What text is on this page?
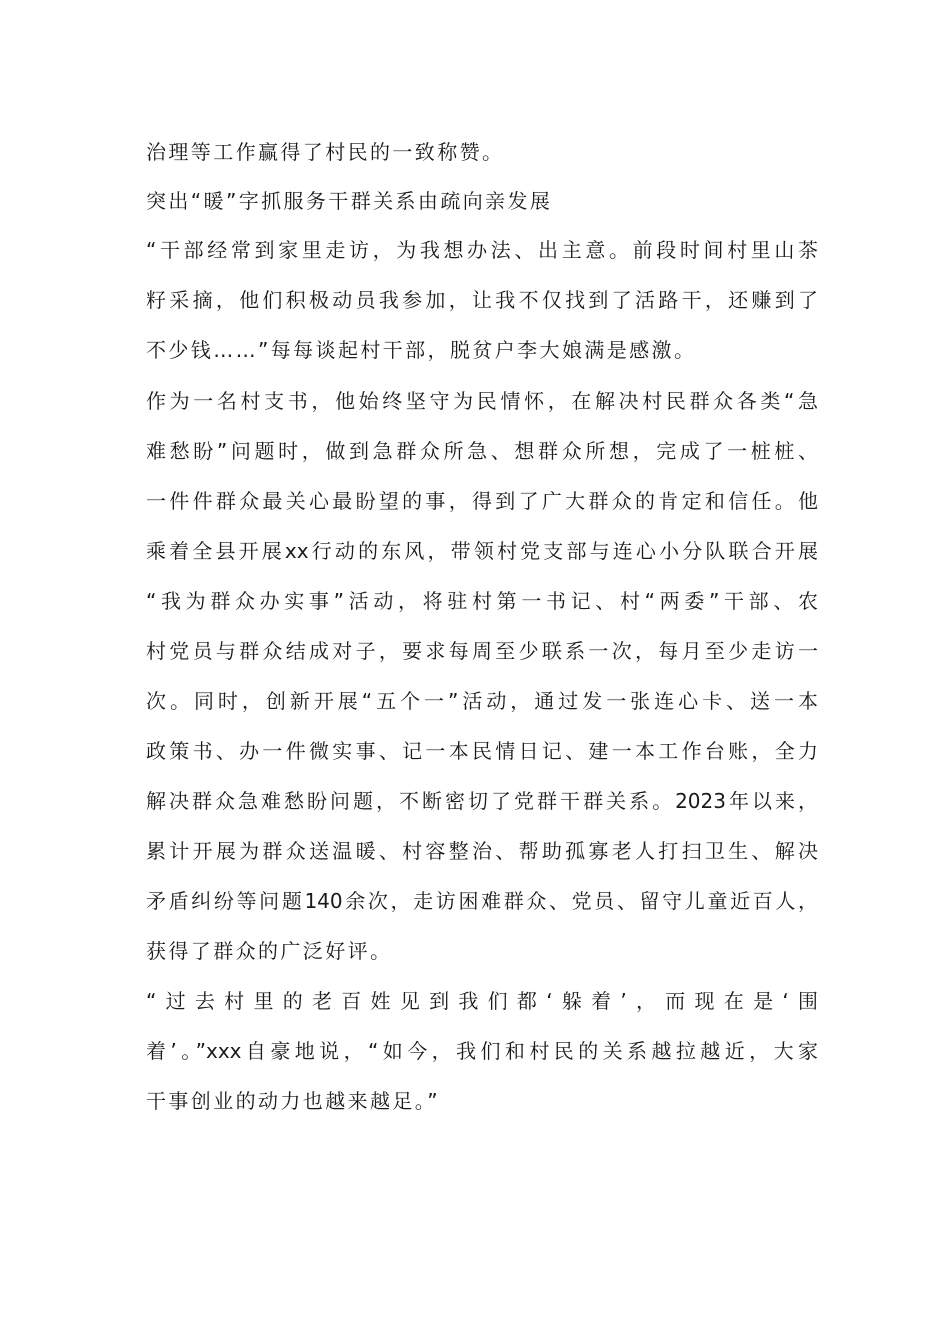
治理等工作赢得了村民的一致称赞。
突出“暖”字抓服务干群关系由疏向亲发展
“干部经常到家里走访，为我想办法、出主意。前段时间村里山茶
籽采摘，他们积极动员我参加，让我不仅找到了活路干，还赚到了
不少钱……”每每谈起村干部，脱贫户李大娘满是感激。
作为一名村支书，他始终坚守为民情怀，在解决村民群众各类“急
难愁盼”问题时，做到急群众所急、想群众所想，完成了一桩桩、
一件件群众最关心最盼望的事，得到了广大群众的肯定和信任。他
乘着全县开展xx行动的东风，带领村党支部与连心小分队联合开展
“我为群众办实事”活动，将驻村第一书记、村“两委”干部、农
村党员与群众结成对子，要求每周至少联系一次，每月至少走访一
次。同时，创新开展“五个一”活动，通过发一张连心卡、送一本
政策书、办一件微实事、记一本民情日记、建一本工作台账，全力
解决群众急难愁盼问题，不断密切了党群干群关系。2023年以来，
累计开展为群众送温暖、村容整治、帮助孤寡老人打扫卫生、解决
矛盾纠纷等问题140余次，走访困难群众、党员、留守儿童近百人，
获得了群众的广泛好评。
“过去村里的老百姓见到我们都‘躲着’，而现在是‘围
着’。”xxx自豪地说，“如今，我们和村民的关系越拉越近，大家
干事创业的动力也越来越足。”
